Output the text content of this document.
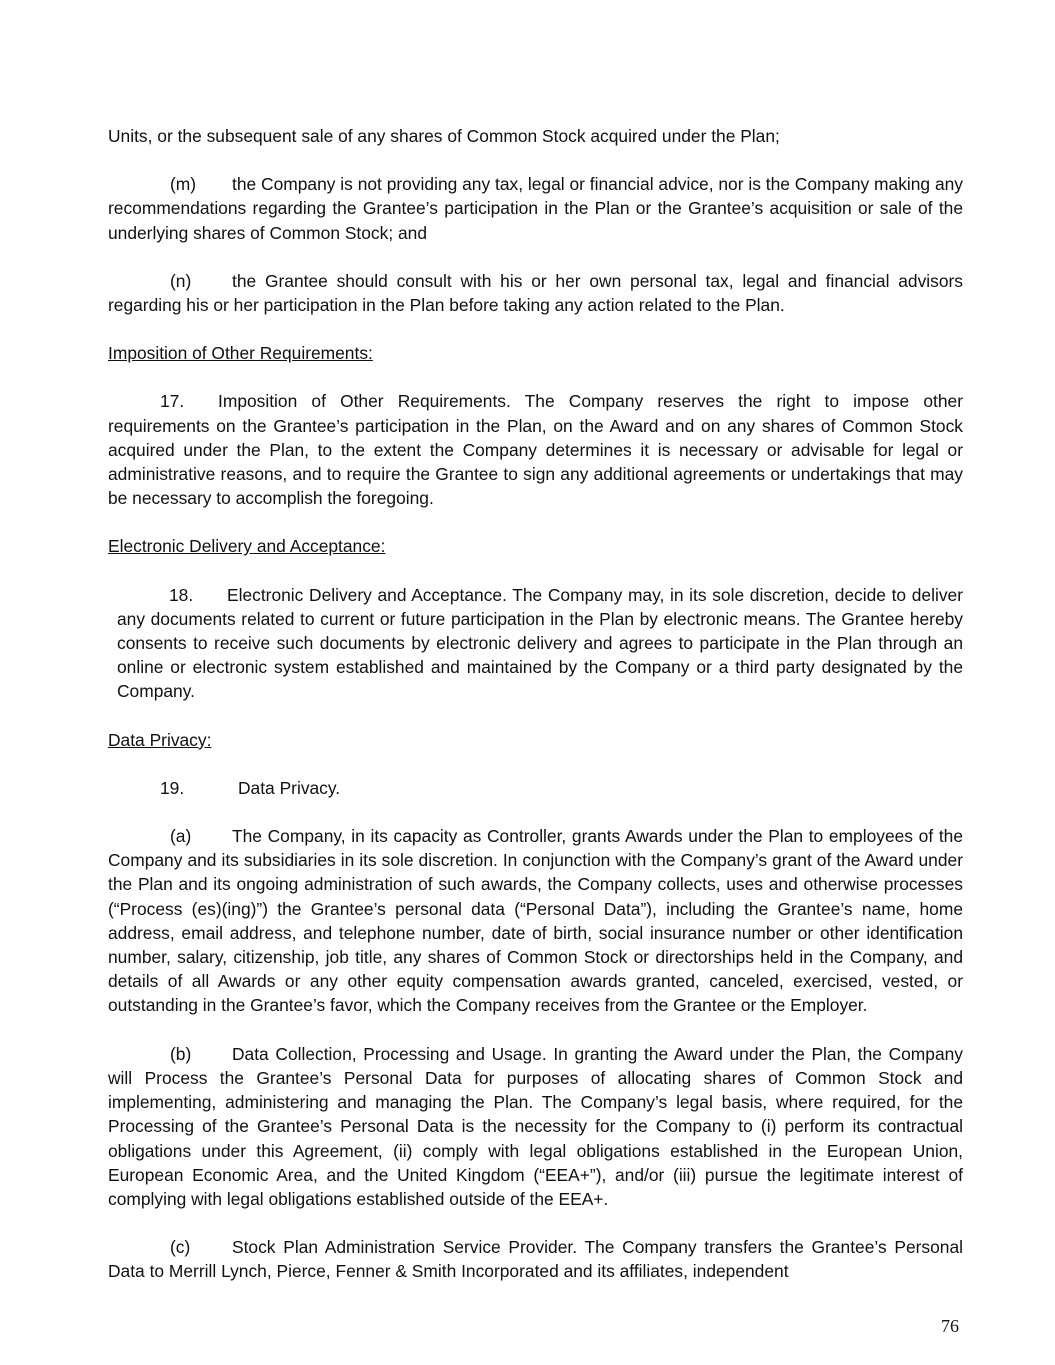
Units, or the subsequent sale of any shares of Common Stock acquired under the Plan;

(m) the Company is not providing any tax, legal or financial advice, nor is the Company making any recommendations regarding the Grantee’s participation in the Plan or the Grantee’s acquisition or sale of the underlying shares of Common Stock; and

(n) the Grantee should consult with his or her own personal tax, legal and financial advisors regarding his or her participation in the Plan before taking any action related to the Plan.

Imposition of Other Requirements:

17. Imposition of Other Requirements. The Company reserves the right to impose other requirements on the Grantee’s participation in the Plan, on the Award and on any shares of Common Stock acquired under the Plan, to the extent the Company determines it is necessary or advisable for legal or administrative reasons, and to require the Grantee to sign any additional agreements or undertakings that may be necessary to accomplish the foregoing.

Electronic Delivery and Acceptance:

18. Electronic Delivery and Acceptance. The Company may, in its sole discretion, decide to deliver any documents related to current or future participation in the Plan by electronic means. The Grantee hereby consents to receive such documents by electronic delivery and agrees to participate in the Plan through an online or electronic system established and maintained by the Company or a third party designated by the Company.

Data Privacy:

19.	Data Privacy.

(a) The Company, in its capacity as Controller, grants Awards under the Plan to employees of the Company and its subsidiaries in its sole discretion. In conjunction with the Company’s grant of the Award under the Plan and its ongoing administration of such awards, the Company collects, uses and otherwise processes (“Process (es)(ing)”) the Grantee’s personal data (“Personal Data”), including the Grantee’s name, home address, email address, and telephone number, date of birth, social insurance number or other identification number, salary, citizenship, job title, any shares of Common Stock or directorships held in the Company, and details of all Awards or any other equity compensation awards granted, canceled, exercised, vested, or outstanding in the Grantee’s favor, which the Company receives from the Grantee or the Employer.

(b) Data Collection, Processing and Usage. In granting the Award under the Plan, the Company will Process the Grantee’s Personal Data for purposes of allocating shares of Common Stock and implementing, administering and managing the Plan. The Company’s legal basis, where required, for the Processing of the Grantee’s Personal Data is the necessity for the Company to (i) perform its contractual obligations under this Agreement, (ii) comply with legal obligations established in the European Union, European Economic Area, and the United Kingdom (“EEA+”), and/or (iii) pursue the legitimate interest of complying with legal obligations established outside of the EEA+.

(c) Stock Plan Administration Service Provider. The Company transfers the Grantee’s Personal Data to Merrill Lynch, Pierce, Fenner & Smith Incorporated and its affiliates, independent

76
